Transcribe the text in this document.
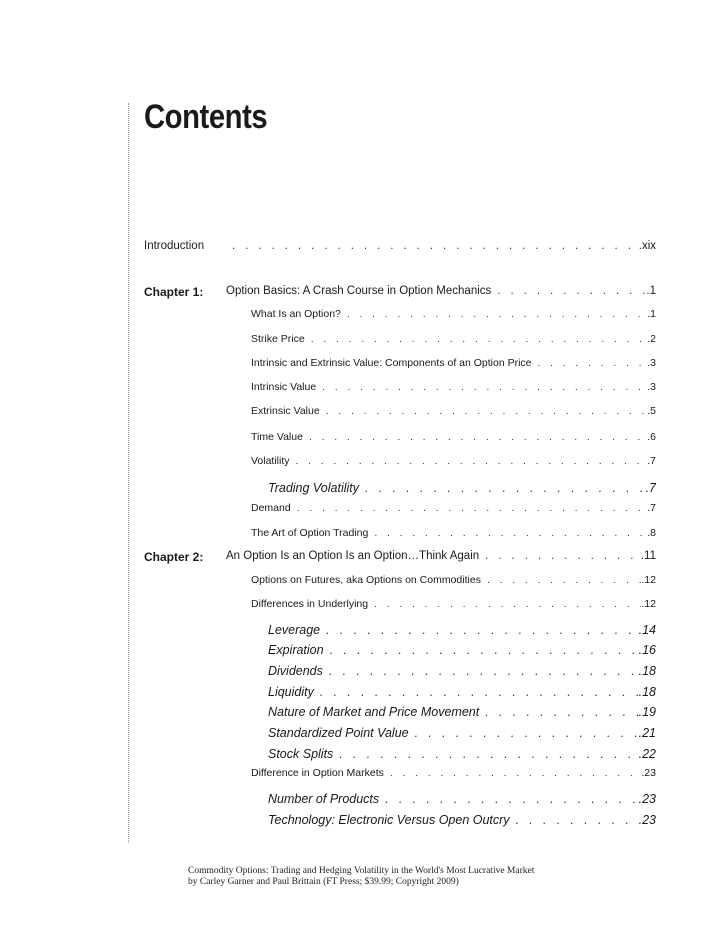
Contents
Introduction . . .	.xix
Chapter 1: Option Basics: A Crash Course in Option Mechanics . . .	.1
What Is an Option? . . .	.1
Strike Price . . .	.2
Intrinsic and Extrinsic Value: Components of an Option Price . . .	.3
Intrinsic Value . . .	.3
Extrinsic Value . . .	.5
Time Value . . .	.6
Volatility . . .	.7
Trading Volatility . . .	.7
Demand . . .	.7
The Art of Option Trading . . .	.8
Chapter 2: An Option Is an Option Is an Option…Think Again . . .	.11
Options on Futures, aka Options on Commodities . . .	.12
Differences in Underlying . . .	.12
Leverage . . .	.14
Expiration . . .	.16
Dividends . . .	.18
Liquidity . . .	.18
Nature of Market and Price Movement . . .	.19
Standardized Point Value . . .	.21
Stock Splits . . .	.22
Difference in Option Markets . . .	.23
Number of Products . . .	.23
Technology: Electronic Versus Open Outcry . . .	.23
Commodity Options: Trading and Hedging Volatility in the World's Most Lucrative Market
by Carley Garner and Paul Brittain (FT Press; $39.99; Copyright 2009)
